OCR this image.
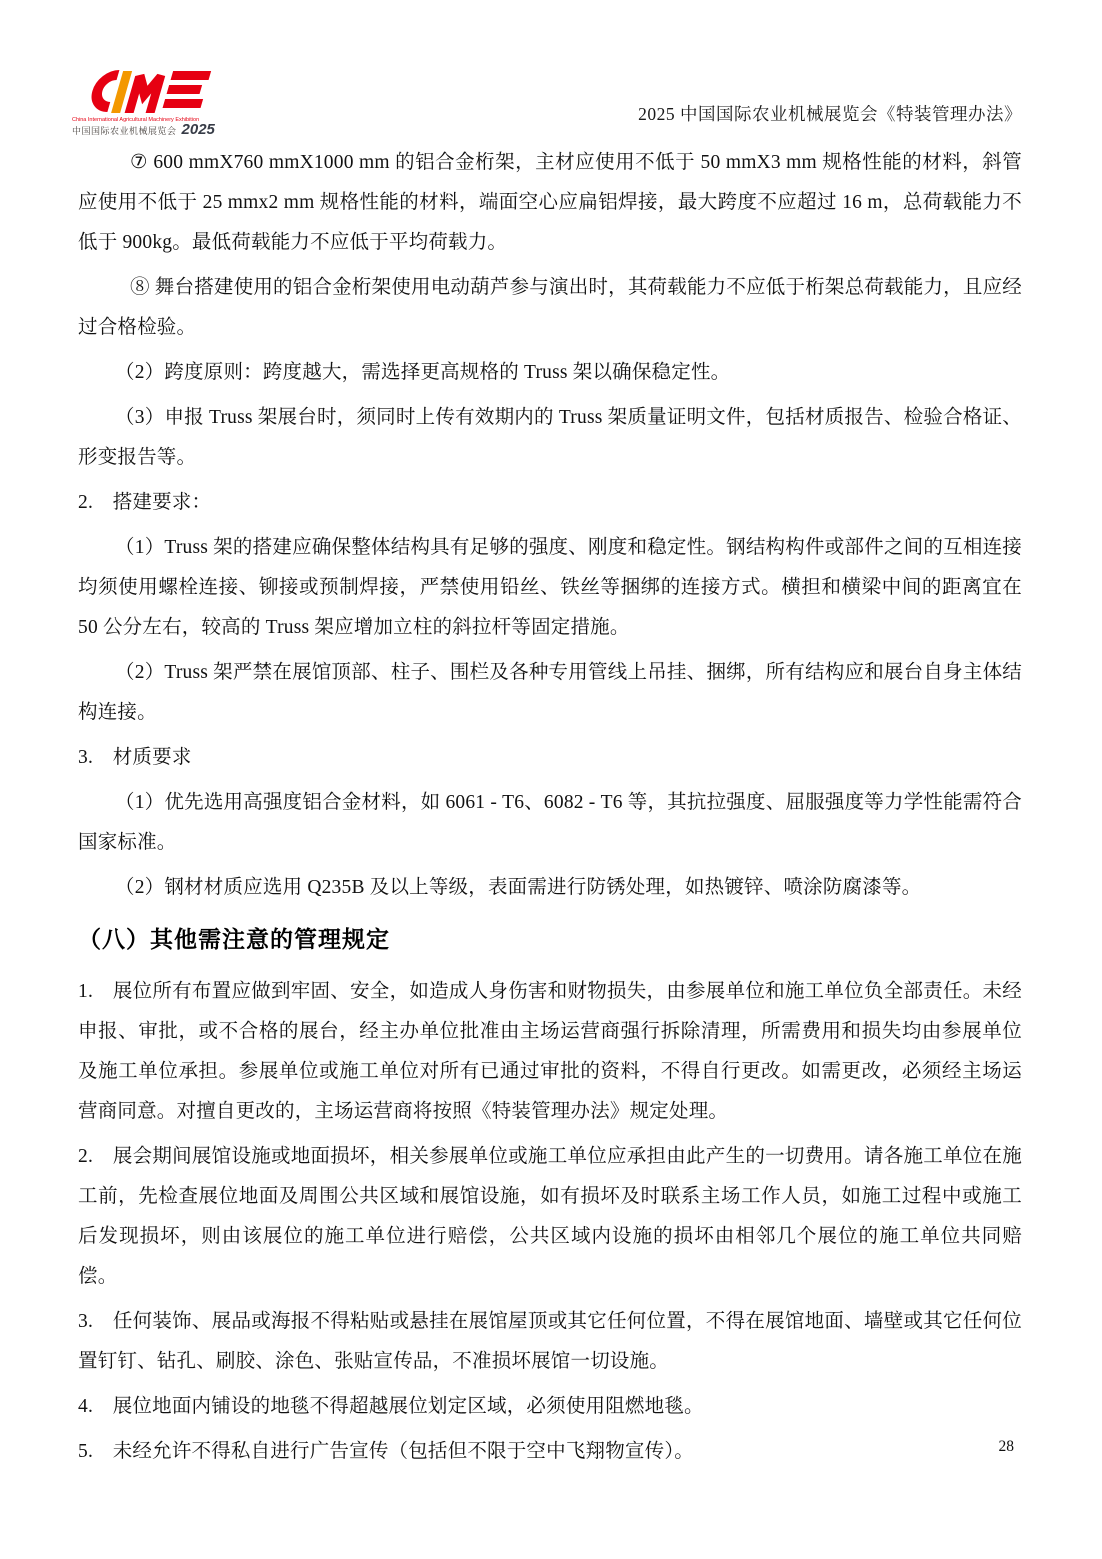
China International Agricultural Machinery Exhibition
中国国际农业机械展览会 2025
2025 中国国际农业机械展览会《特装管理办法》

⑦ 600 mmX760 mmX1000 mm 的铝合金桁架，主材应使用不低于 50 mmX3 mm 规格性能的材料，斜管应使用不低于 25 mmx2 mm 规格性能的材料，端面空心应扁铝焊接，最大跨度不应超过 16 m，总荷载能力不低于 900kg。最低荷载能力不应低于平均荷载力。

⑧ 舞台搭建使用的铝合金桁架使用电动葫芦参与演出时，其荷载能力不应低于桁架总荷载能力，且应经过合格检验。

（2）跨度原则：跨度越大，需选择更高规格的 Truss 架以确保稳定性。

（3）申报 Truss 架展台时，须同时上传有效期内的 Truss 架质量证明文件，包括材质报告、检验合格证、形变报告等。

2.　搭建要求：

（1）Truss 架的搭建应确保整体结构具有足够的强度、刚度和稳定性。钢结构构件或部件之间的互相连接均须使用螺栓连接、铆接或预制焊接，严禁使用铅丝、铁丝等捆绑的连接方式。横担和横梁中间的距离宜在 50 公分左右，较高的 Truss 架应增加立柱的斜拉杆等固定措施。

（2）Truss 架严禁在展馆顶部、柱子、围栏及各种专用管线上吊挂、捆绑，所有结构应和展台自身主体结构连接。

3.　材质要求

（1）优先选用高强度铝合金材料，如 6061 - T6、6082 - T6 等，其抗拉强度、屈服强度等力学性能需符合国家标准。

（2）钢材材质应选用 Q235B 及以上等级，表面需进行防锈处理，如热镀锌、喷涂防腐漆等。

（八）其他需注意的管理规定

1.　展位所有布置应做到牢固、安全，如造成人身伤害和财物损失，由参展单位和施工单位负全部责任。未经申报、审批，或不合格的展台，经主办单位批准由主场运营商强行拆除清理，所需费用和损失均由参展单位及施工单位承担。参展单位或施工单位对所有已通过审批的资料，不得自行更改。如需更改，必须经主场运营商同意。对擅自更改的，主场运营商将按照《特装管理办法》规定处理。

2.　展会期间展馆设施或地面损坏，相关参展单位或施工单位应承担由此产生的一切费用。请各施工单位在施工前，先检查展位地面及周围公共区域和展馆设施，如有损坏及时联系主场工作人员，如施工过程中或施工后发现损坏，则由该展位的施工单位进行赔偿，公共区域内设施的损坏由相邻几个展位的施工单位共同赔偿。

3.　任何装饰、展品或海报不得粘贴或悬挂在展馆屋顶或其它任何位置，不得在展馆地面、墙壁或其它任何位置钉钉、钻孔、刷胶、涂色、张贴宣传品，不准损坏展馆一切设施。

4.　展位地面内铺设的地毯不得超越展位划定区域，必须使用阻燃地毯。

5.　未经允许不得私自进行广告宣传（包括但不限于空中飞翔物宣传）。	28
